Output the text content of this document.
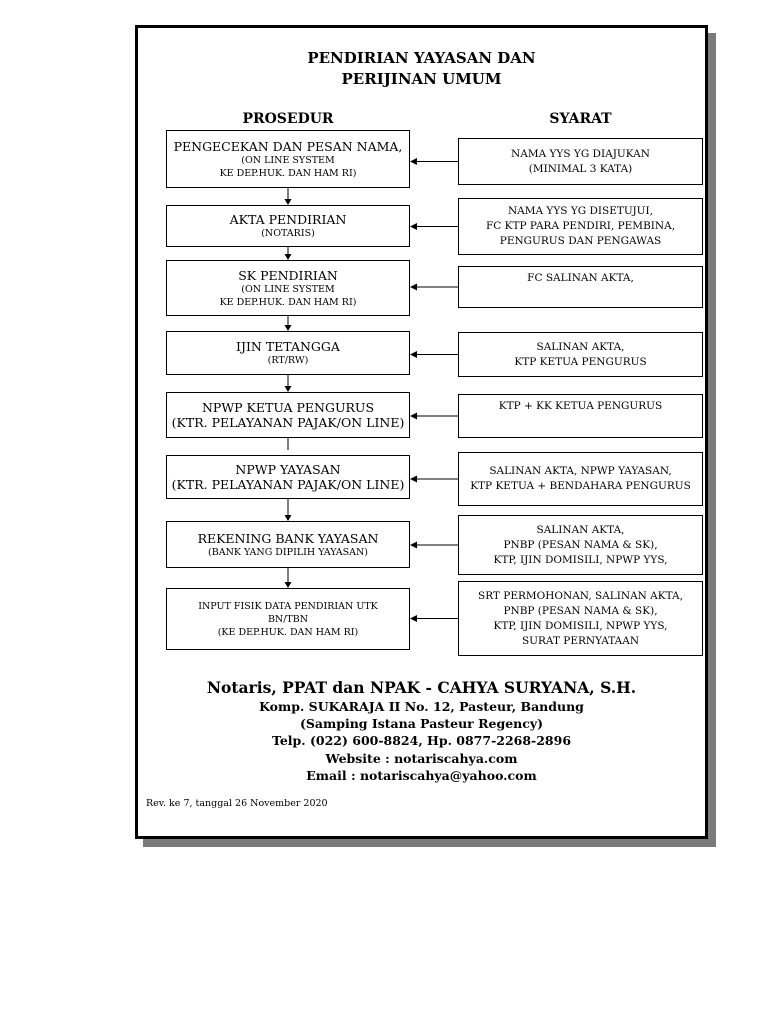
PENDIRIAN YAYASAN DAN
PERIJINAN UMUM
PROSEDUR	SYARAT
PENGECEKAN DAN PESAN NAMA,
(ON LINE SYSTEM
KE DEP.HUK. DAN HAM RI)
AKTA PENDIRIAN
(NOTARIS)
SK PENDIRIAN
(ON LINE SYSTEM
KE DEP.HUK. DAN HAM RI)
IJIN TETANGGA
(RT/RW)
NPWP KETUA PENGURUS
(KTR. PELAYANAN PAJAK/ON LINE)
NPWP YAYASAN
(KTR. PELAYANAN PAJAK/ON LINE)
REKENING BANK YAYASAN
(BANK YANG DIPILIH YAYASAN)
INPUT FISIK DATA PENDIRIAN UTK
BN/TBN
(KE DEP.HUK. DAN HAM RI)
NAMA YYS YG DIAJUKAN
(MINIMAL 3 KATA)
NAMA YYS YG DISETUJUI,
FC KTP PARA PENDIRI, PEMBINA,
PENGURUS DAN PENGAWAS
FC SALINAN AKTA,
SALINAN AKTA,
KTP KETUA PENGURUS
KTP + KK KETUA PENGURUS
SALINAN AKTA, NPWP YAYASAN,
KTP KETUA + BENDAHARA PENGURUS
SALINAN AKTA,
PNBP (PESAN NAMA & SK),
KTP, IJIN DOMISILI, NPWP YYS,
SRT PERMOHONAN, SALINAN AKTA,
PNBP (PESAN NAMA & SK),
KTP, IJIN DOMISILI, NPWP YYS,
SURAT PERNYATAAN
Notaris, PPAT dan NPAK - CAHYA SURYANA, S.H.
Komp. SUKARAJA II No. 12, Pasteur, Bandung
(Samping Istana Pasteur Regency)
Telp. (022) 600-8824, Hp. 0877-2268-2896
Website : notariscahya.com
Email : notariscahya@yahoo.com
Rev. ke 7, tanggal 26 November 2020
